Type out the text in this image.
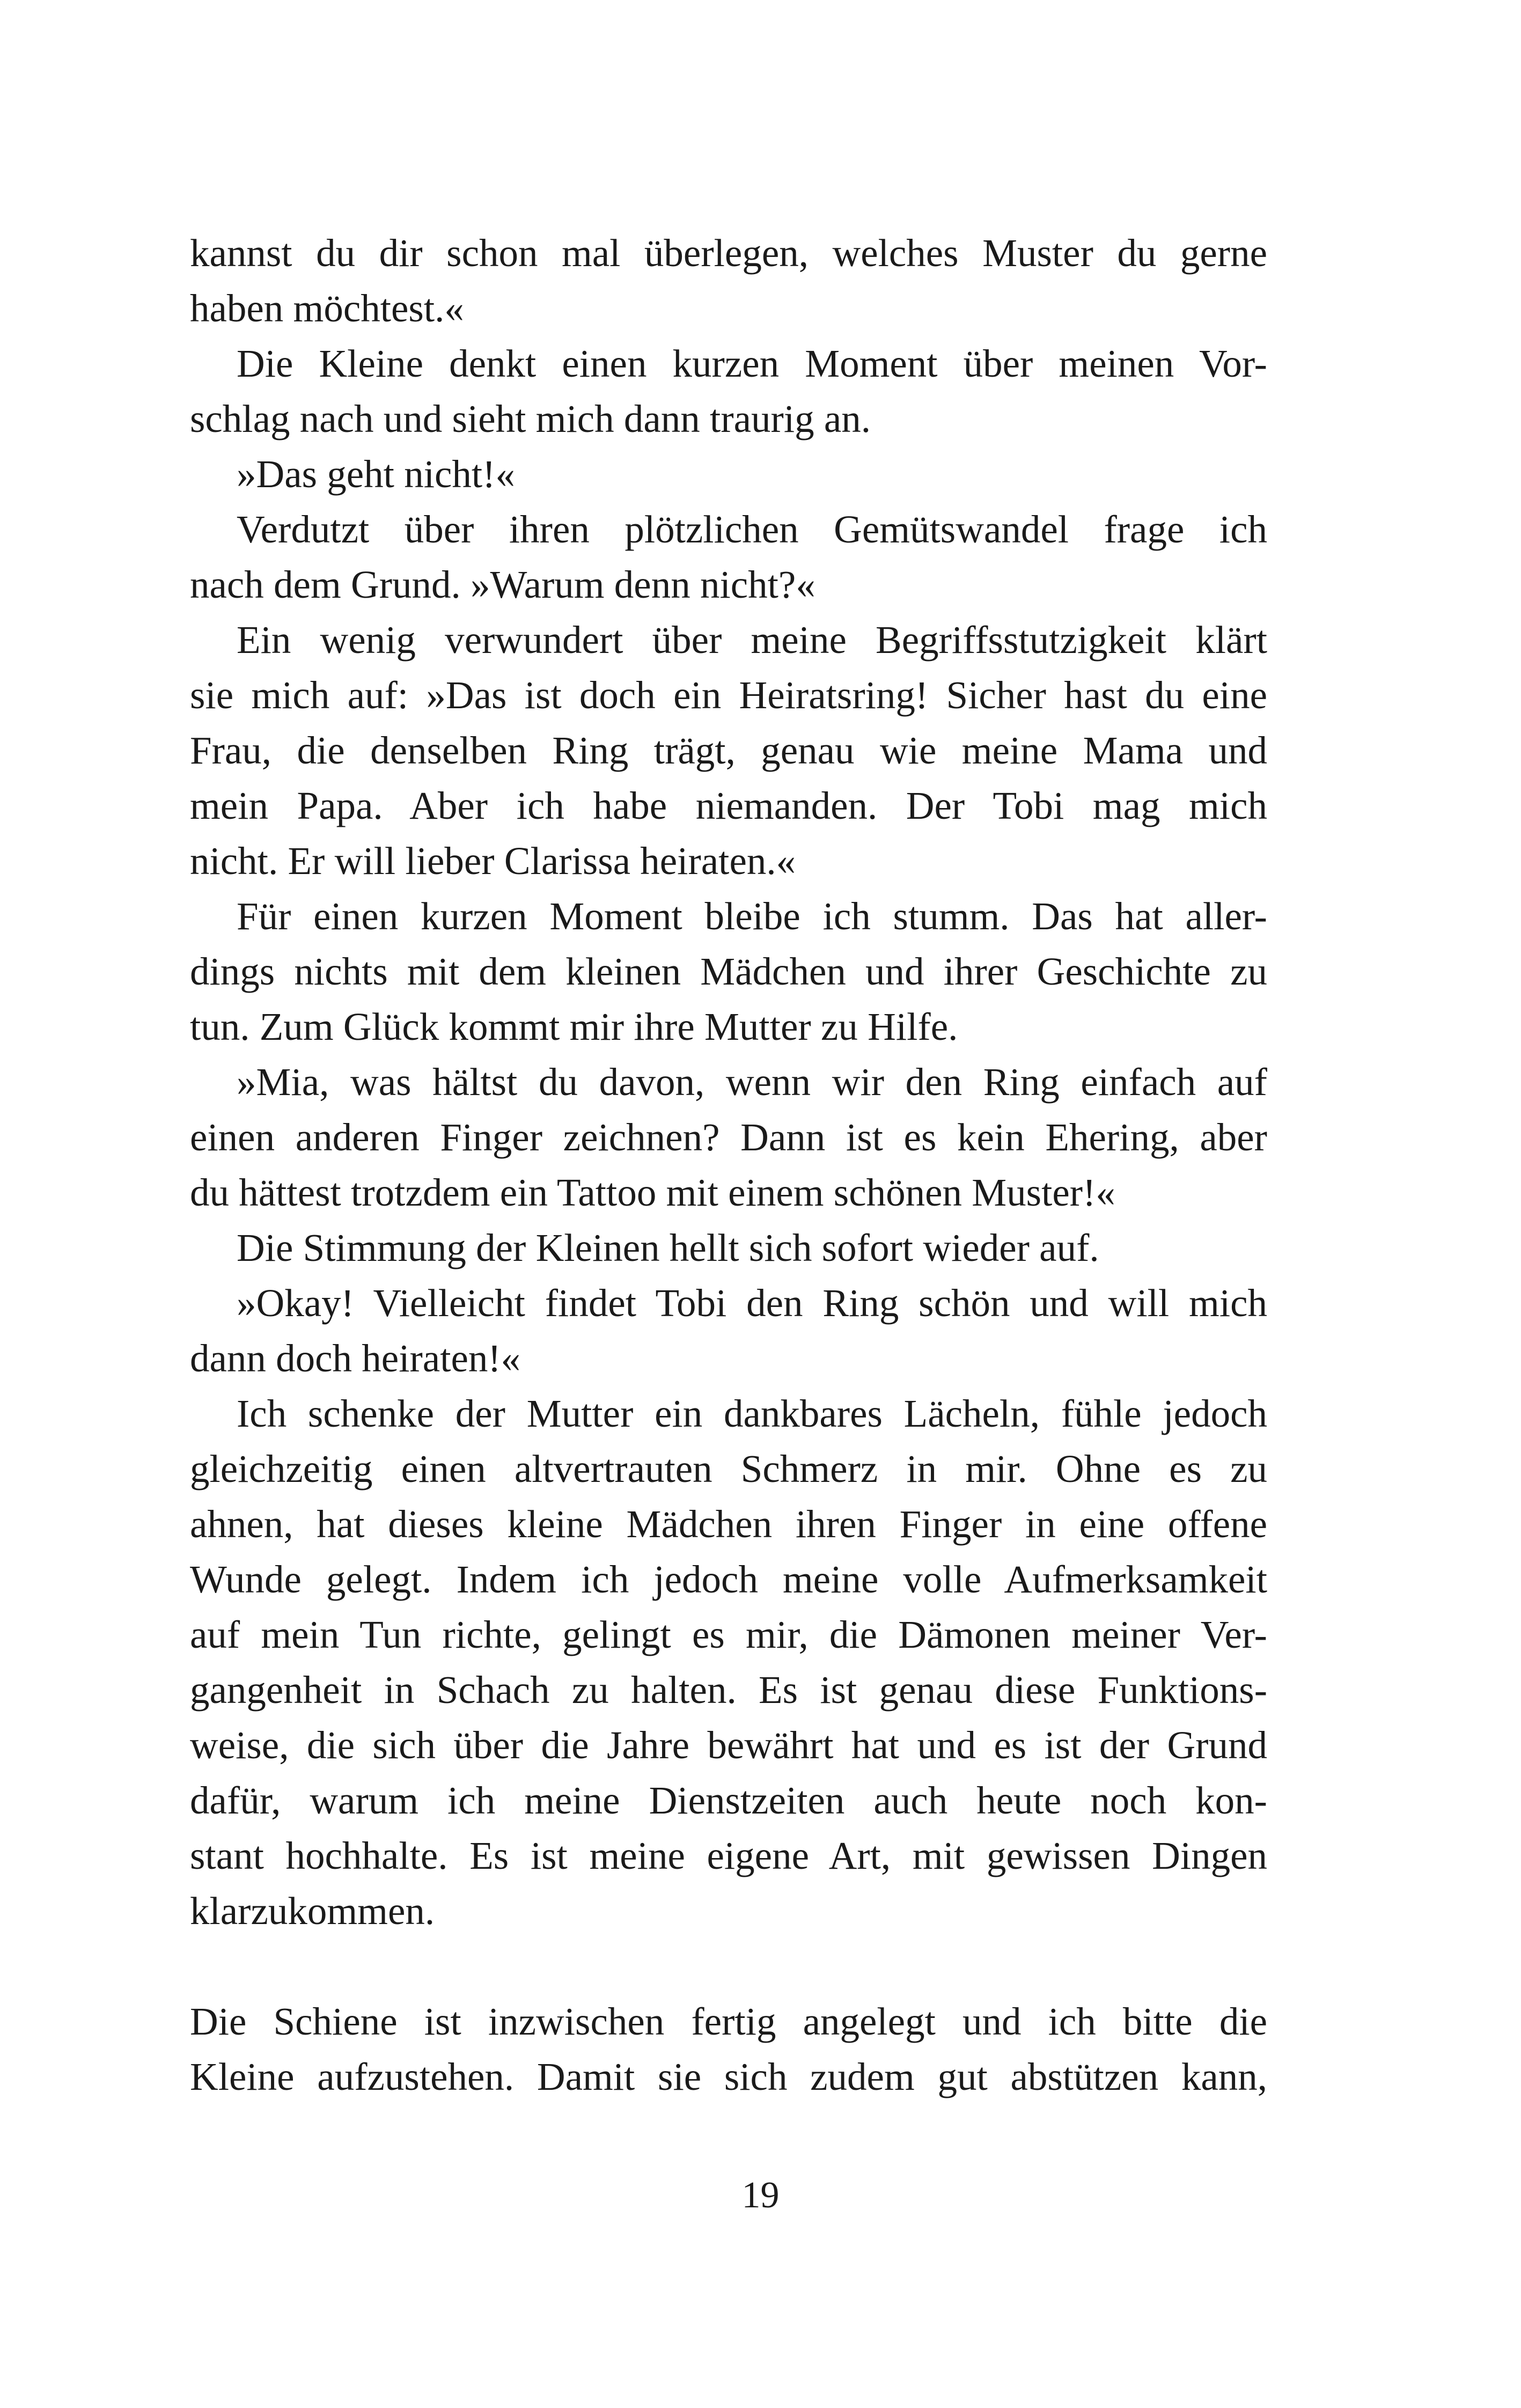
kannst du dir schon mal überlegen, welches Muster du gerne
haben möchtest.«
Die Kleine denkt einen kurzen Moment über meinen Vor-
schlag nach und sieht mich dann traurig an.
»Das geht nicht!«
Verdutzt über ihren plötzlichen Gemütswandel frage ich
nach dem Grund. »Warum denn nicht?«
Ein wenig verwundert über meine Begriffsstutzigkeit klärt
sie mich auf: »Das ist doch ein Heiratsring! Sicher hast du eine
Frau, die denselben Ring trägt, genau wie meine Mama und
mein Papa. Aber ich habe niemanden. Der Tobi mag mich
nicht. Er will lieber Clarissa heiraten.«
Für einen kurzen Moment bleibe ich stumm. Das hat aller-
dings nichts mit dem kleinen Mädchen und ihrer Geschichte zu
tun. Zum Glück kommt mir ihre Mutter zu Hilfe.
»Mia, was hältst du davon, wenn wir den Ring einfach auf
einen anderen Finger zeichnen? Dann ist es kein Ehering, aber
du hättest trotzdem ein Tattoo mit einem schönen Muster!«
Die Stimmung der Kleinen hellt sich sofort wieder auf.
»Okay! Vielleicht findet Tobi den Ring schön und will mich
dann doch heiraten!«
Ich schenke der Mutter ein dankbares Lächeln, fühle jedoch
gleichzeitig einen altvertrauten Schmerz in mir. Ohne es zu
ahnen, hat dieses kleine Mädchen ihren Finger in eine offene
Wunde gelegt. Indem ich jedoch meine volle Aufmerksamkeit
auf mein Tun richte, gelingt es mir, die Dämonen meiner Ver-
gangenheit in Schach zu halten. Es ist genau diese Funktions-
weise, die sich über die Jahre bewährt hat und es ist der Grund
dafür, warum ich meine Dienstzeiten auch heute noch kon-
stant hochhalte. Es ist meine eigene Art, mit gewissen Dingen
klarzukommen.
Die Schiene ist inzwischen fertig angelegt und ich bitte die
Kleine aufzustehen. Damit sie sich zudem gut abstützen kann,
19
